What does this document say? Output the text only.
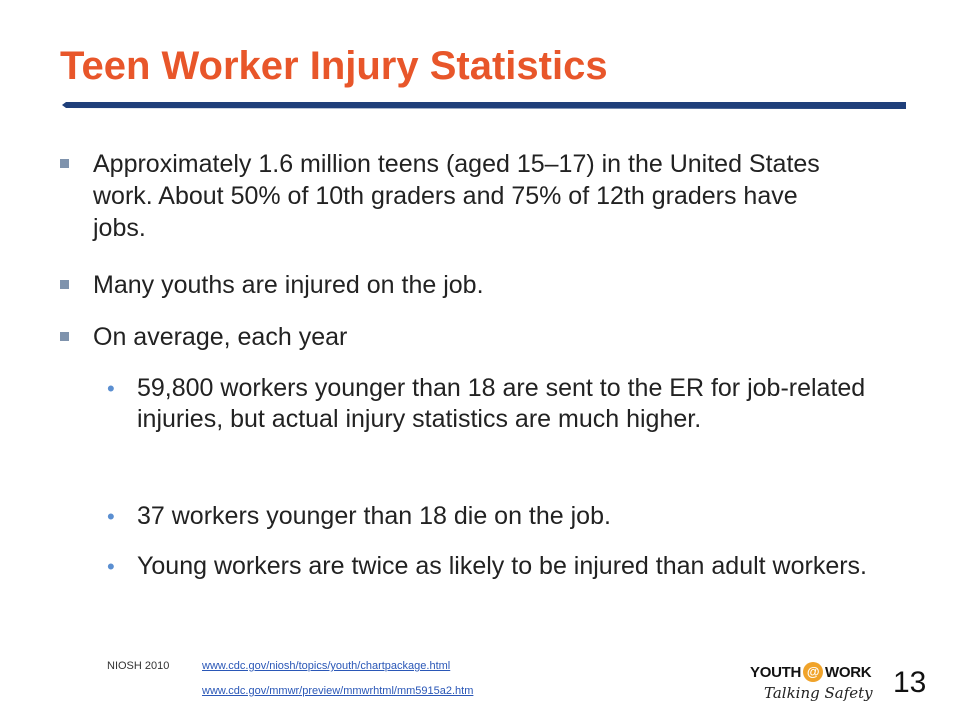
Teen Worker Injury Statistics
Approximately 1.6 million teens (aged 15–17) in the United States work. About 50% of 10th graders and 75% of 12th graders have jobs.
Many youths are injured on the job.
On average, each year
• 59,800 workers younger than 18 are sent to the ER for job-related injuries, but actual injury statistics are much higher.
• 37 workers younger than 18 die on the job.
• Young workers are twice as likely to be injured than adult workers.
NIOSH 2010	www.cdc.gov/niosh/topics/youth/chartpackage.html
www.cdc.gov/mmwr/preview/mmwrhtml/mm5915a2.htm
YOUTH @ WORK
Talking Safety 13
